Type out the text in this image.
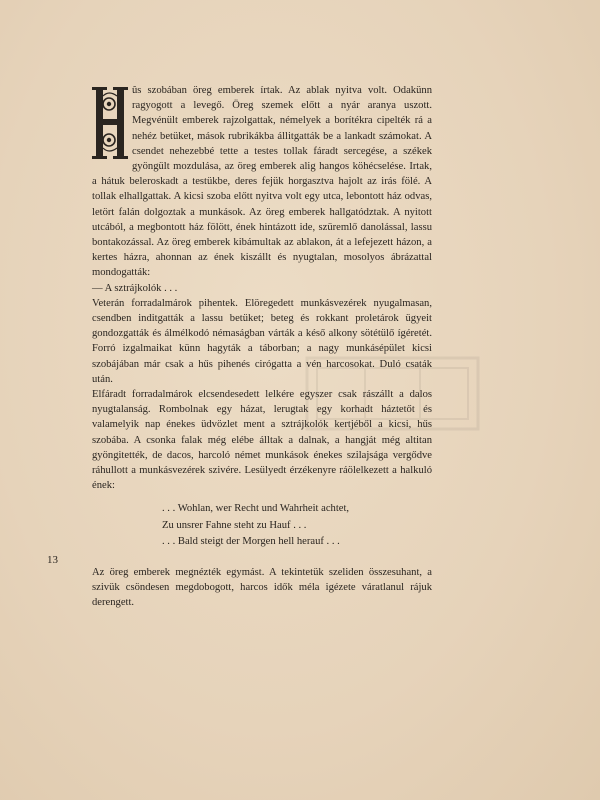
ûs szobában öreg emberek írtak. Az ablak nyitva volt. Odakünn ragyogott a levegő. Öreg szemek előtt a nyár aranya uszott. Megvénült emberek rajzolgattak, némelyek a borítékra cipelték rá a nehéz betüket, mások rubrikákba állitgatták be a lankadt számokat. A csendet nehezebbé tette a testes tollak fáradt sercegése, a székek gyöngült mozdulása, az öreg emberek alig hangos köhécselése. Irtak, a hátuk beleroskadt a testükbe, deres fejük horgasztva hajolt az irás fölé. A tollak elhallgattak. A kicsi szoba előtt nyitva volt egy utca, lebontott ház odvas, letört falán dolgoztak a munkások. Az öreg emberek hallgatództak. A nyitott utcából, a megbontott ház fölött, ének hintázott ide, szüremlő danolással, lassu bontakozással. Az öreg emberek kibámultak az ablakon, át a lefejezett házon, a kertes házra, ahonnan az ének kiszállt és nyugtalan, mosolyos ábrázattal mondogatták:

— A sztrájkolók . . .

Veterán forradalmárok pihentek. Elöregedett munkásvezérek nyugalmasan, csendben inditgatták a lassu betüket; beteg és rokkant proletárok ügyeit gondozgatták és álmélkodó némaságban várták a késő alkony sötétülő ígéretét. Forró izgalmaikat künn hagyták a táborban; a nagy munkásépület kicsi szobájában már csak a hűs pihenés cirógatta a vén harcosokat. Duló csaták után.

Elfáradt forradalmárok elcsendesedett lelkére egyszer csak rászállt a dalos nyugtalanság. Rombolnak egy házat, lerugtak egy korhadt háztetőt és valamelyik nap énekes üdvözlet ment a sztrájkolók kertjéből a kicsi, hűs szobába. A csonka falak még elébe álltak a dalnak, a hangját még altitan gyöngitették, de dacos, harcoló német munkások énekes szilajsága vergődve ráhullott a munkásvezérek szivére. Lesülyedt érzékenyre ráölelkezett a halkuló ének:

. . . Wohlan, wer Recht und Wahrheit achtet,
Zu unsrer Fahne steht zu Hauf . . .
. . . Bald steigt der Morgen hell herauf . . .

Az öreg emberek megnézték egymást. A tekintetük szeliden összesuhant, a szivük csöndesen megdobogott, harcos idők méla igézete váratlanul rájuk derengett.

13
